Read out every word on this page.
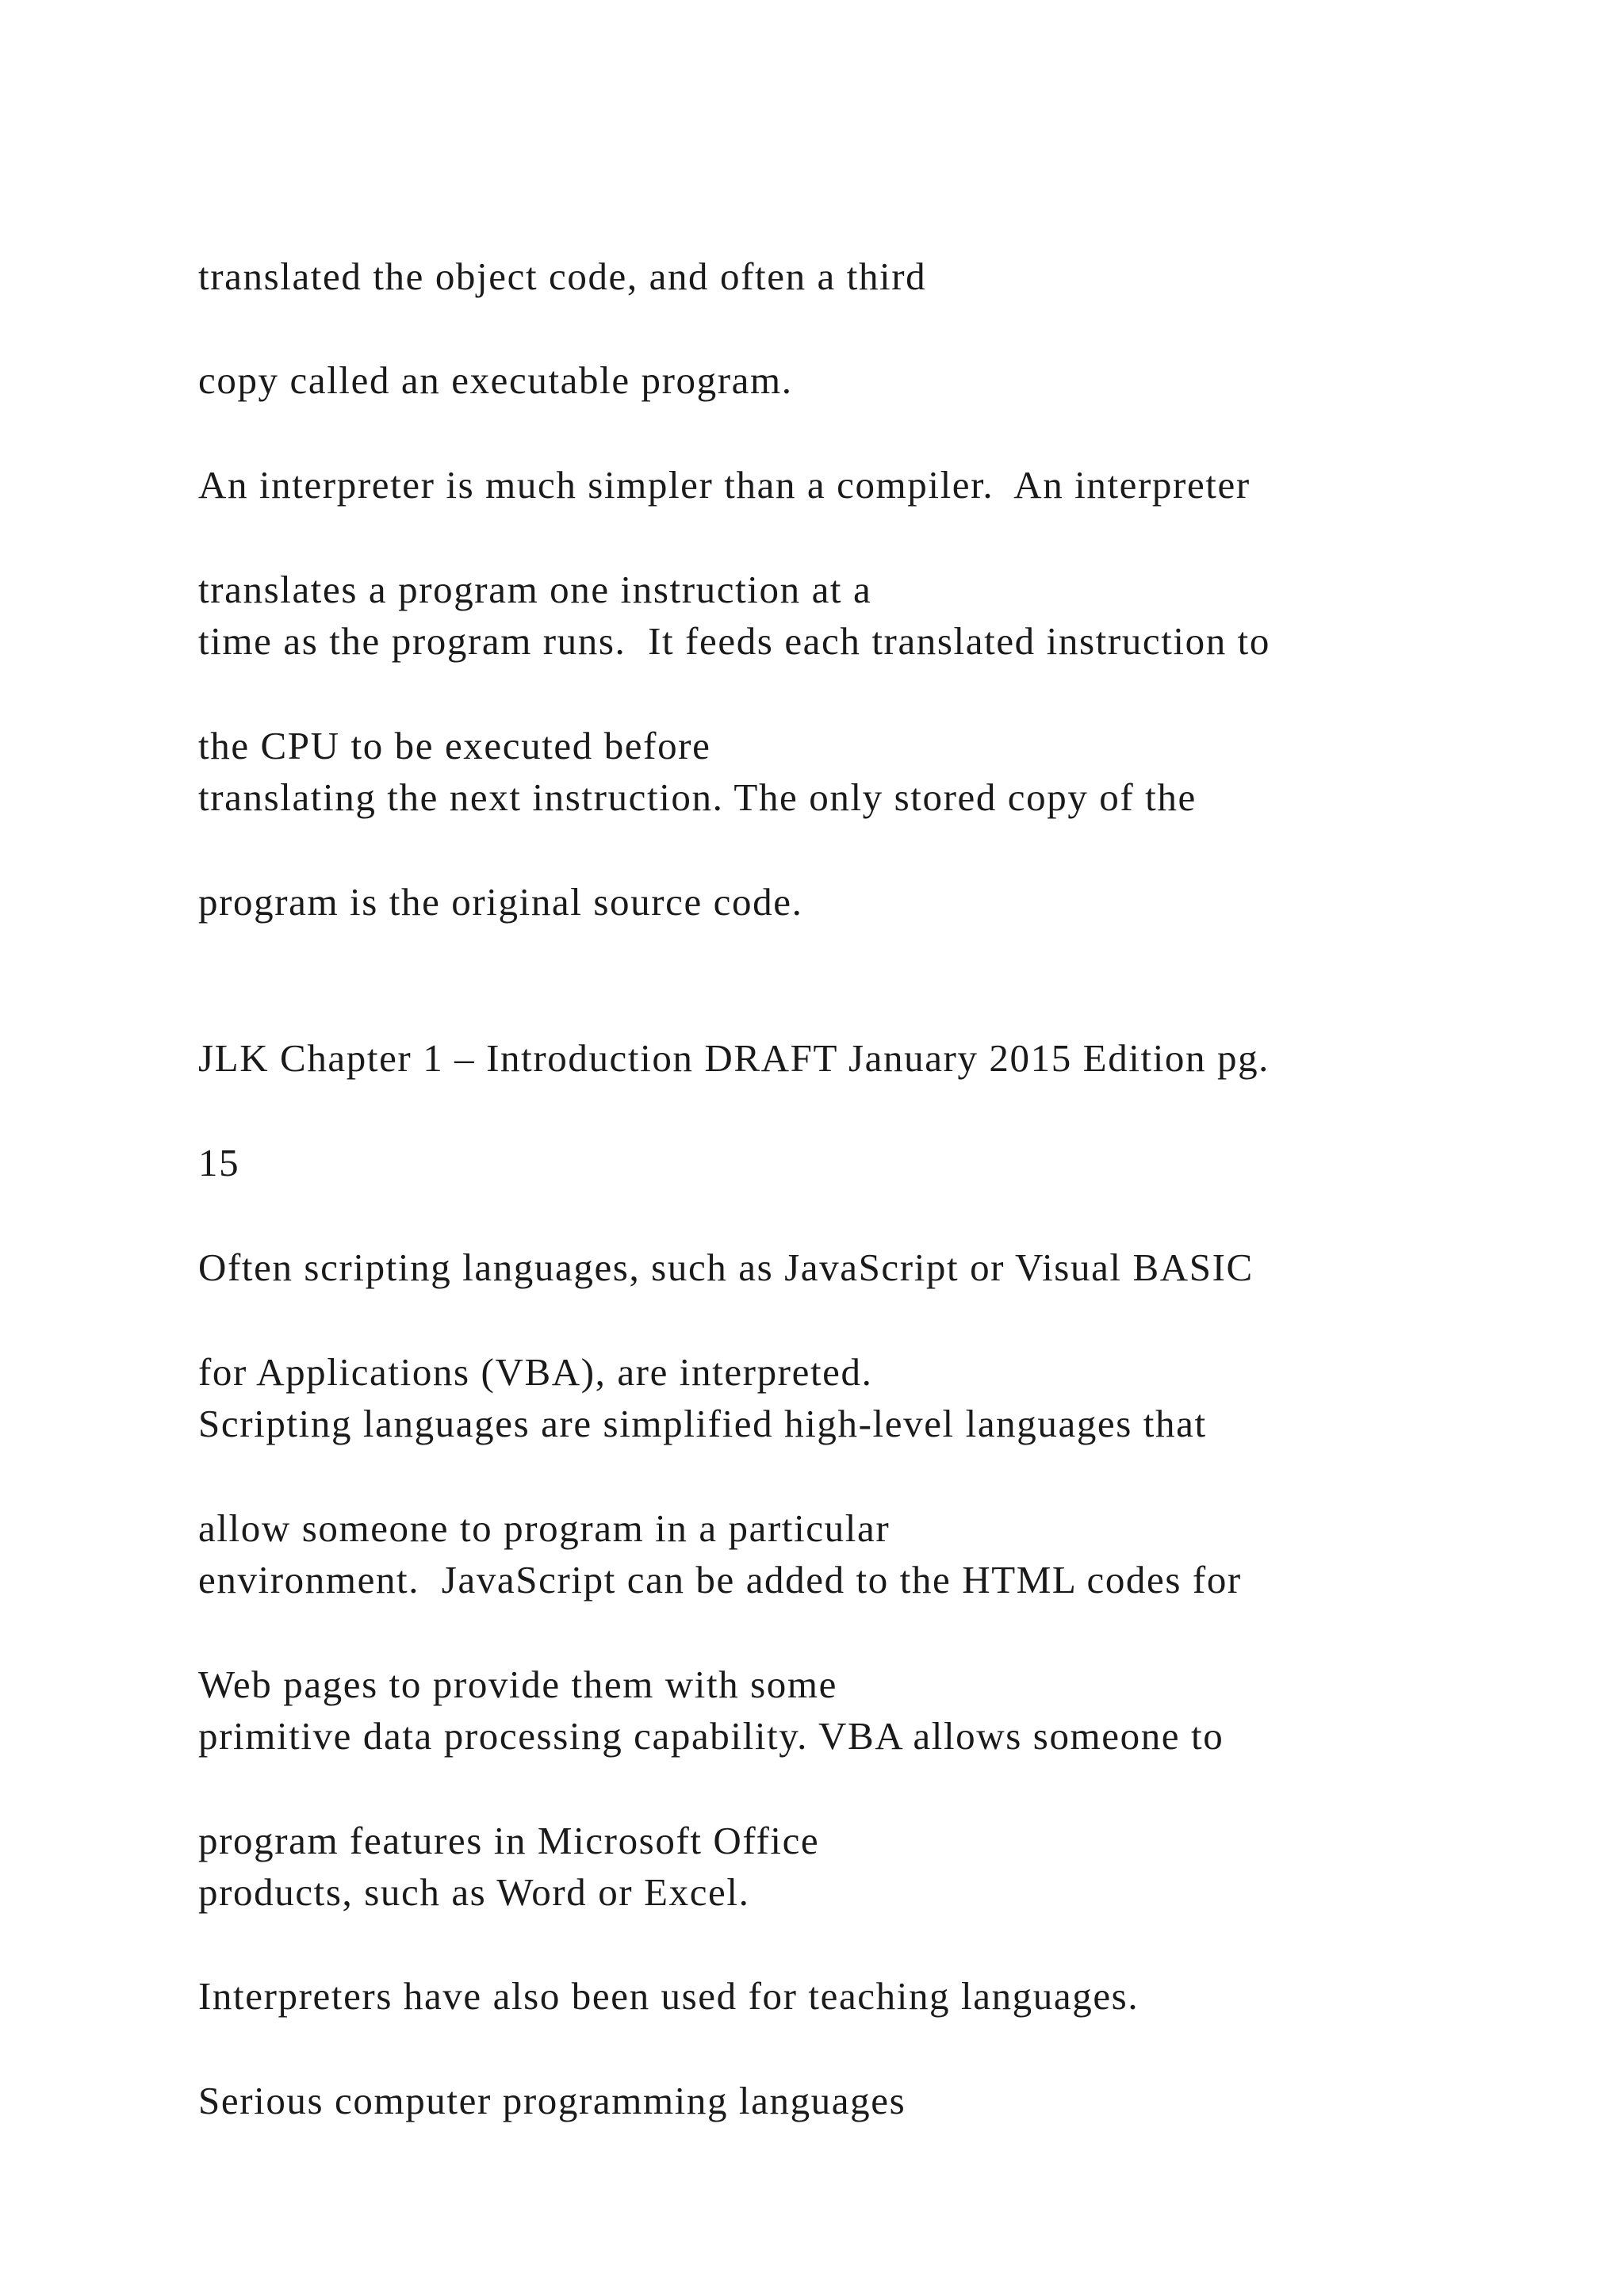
translated the object code, and often a third

copy called an executable program.

An interpreter is much simpler than a compiler.  An interpreter

translates a program one instruction at a

time as the program runs.  It feeds each translated instruction to

the CPU to be executed before

translating the next instruction. The only stored copy of the

program is the original source code.

JLK Chapter 1 – Introduction DRAFT January 2015 Edition pg.

15

Often scripting languages, such as JavaScript or Visual BASIC

for Applications (VBA), are interpreted.

Scripting languages are simplified high-level languages that

allow someone to program in a particular

environment.  JavaScript can be added to the HTML codes for

Web pages to provide them with some

primitive data processing capability. VBA allows someone to

program features in Microsoft Office

products, such as Word or Excel.

Interpreters have also been used for teaching languages.

Serious computer programming languages
